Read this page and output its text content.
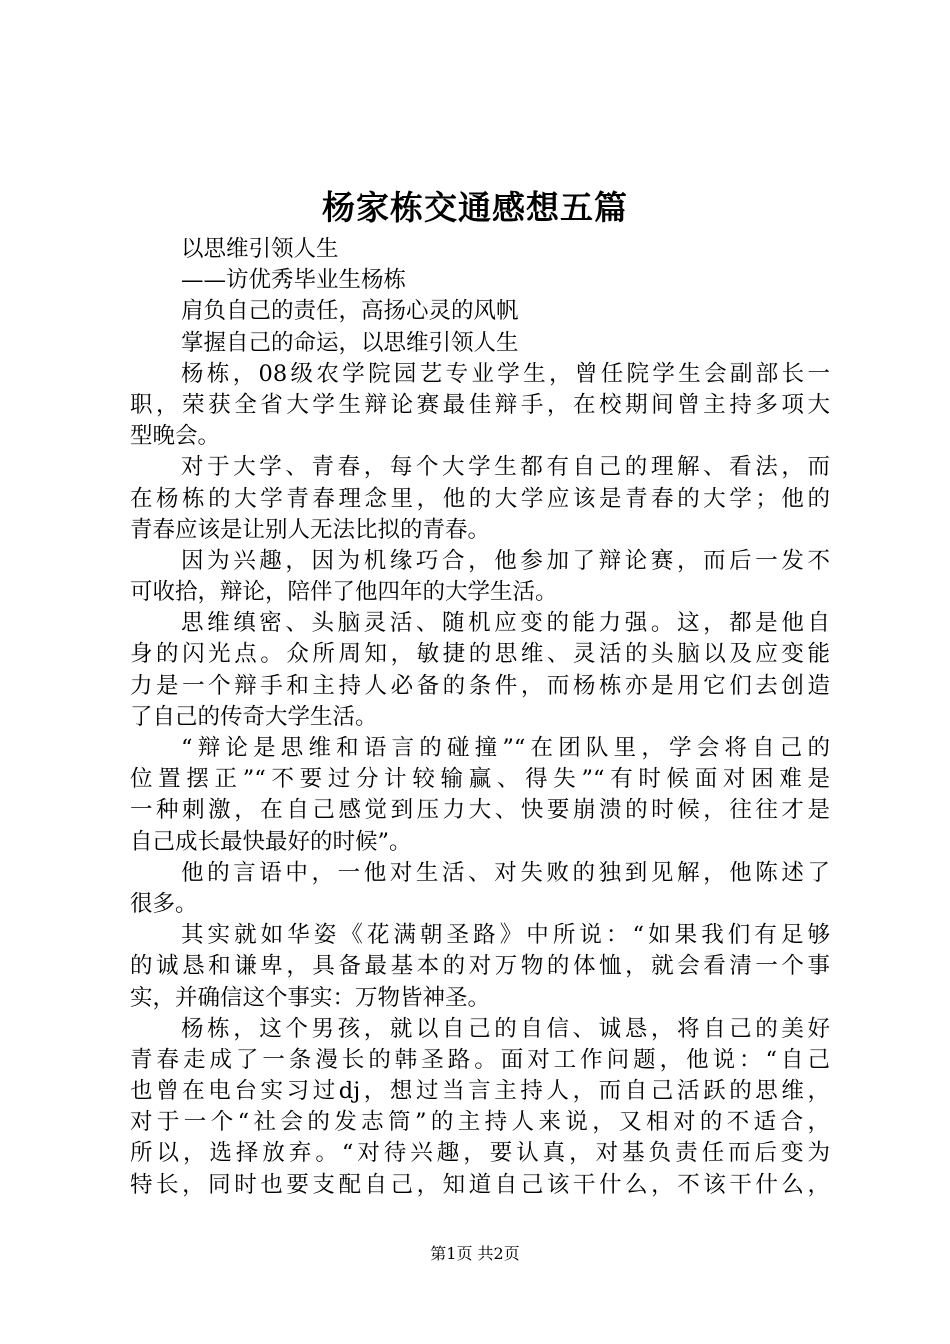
杨家栋交通感想五篇
以思维引领人生
——访优秀毕业生杨栋
肩负自己的责任，高扬心灵的风帆
掌握自己的命运，以思维引领人生
杨栋，08级农学院园艺专业学生，曾任院学生会副部长一
职，荣获全省大学生辩论赛最佳辩手，在校期间曾主持多项大
型晚会。
对于大学、青春，每个大学生都有自己的理解、看法，而
在杨栋的大学青春理念里，他的大学应该是青春的大学；他的
青春应该是让别人无法比拟的青春。
因为兴趣，因为机缘巧合，他参加了辩论赛，而后一发不
可收拾，辩论，陪伴了他四年的大学生活。
思维缜密、头脑灵活、随机应变的能力强。这，都是他自
身的闪光点。众所周知，敏捷的思维、灵活的头脑以及应变能
力是一个辩手和主持人必备的条件，而杨栋亦是用它们去创造
了自己的传奇大学生活。
“辩论是思维和语言的碰撞”“在团队里，学会将自己的
位置摆正”“不要过分计较输赢、得失”“有时候面对困难是
一种刺激，在自己感觉到压力大、快要崩溃的时候，往往才是
自己成长最快最好的时候”。
他的言语中，一他对生活、对失败的独到见解，他陈述了
很多。
其实就如华姿《花满朝圣路》中所说：“如果我们有足够
的诚恳和谦卑，具备最基本的对万物的体恤，就会看清一个事
实，并确信这个事实：万物皆神圣。
杨栋，这个男孩，就以自己的自信、诚恳，将自己的美好
青春走成了一条漫长的韩圣路。面对工作问题，他说：“自己
也曾在电台实习过dj，想过当言主持人，而自己活跃的思维，
对于一个“社会的发志筒”的主持人来说，又相对的不适合，
所以，选择放弃。“对待兴趣，要认真，对基负责任而后变为
特长，同时也要支配自己，知道自己该干什么，不该干什么，
第1页 共2页
